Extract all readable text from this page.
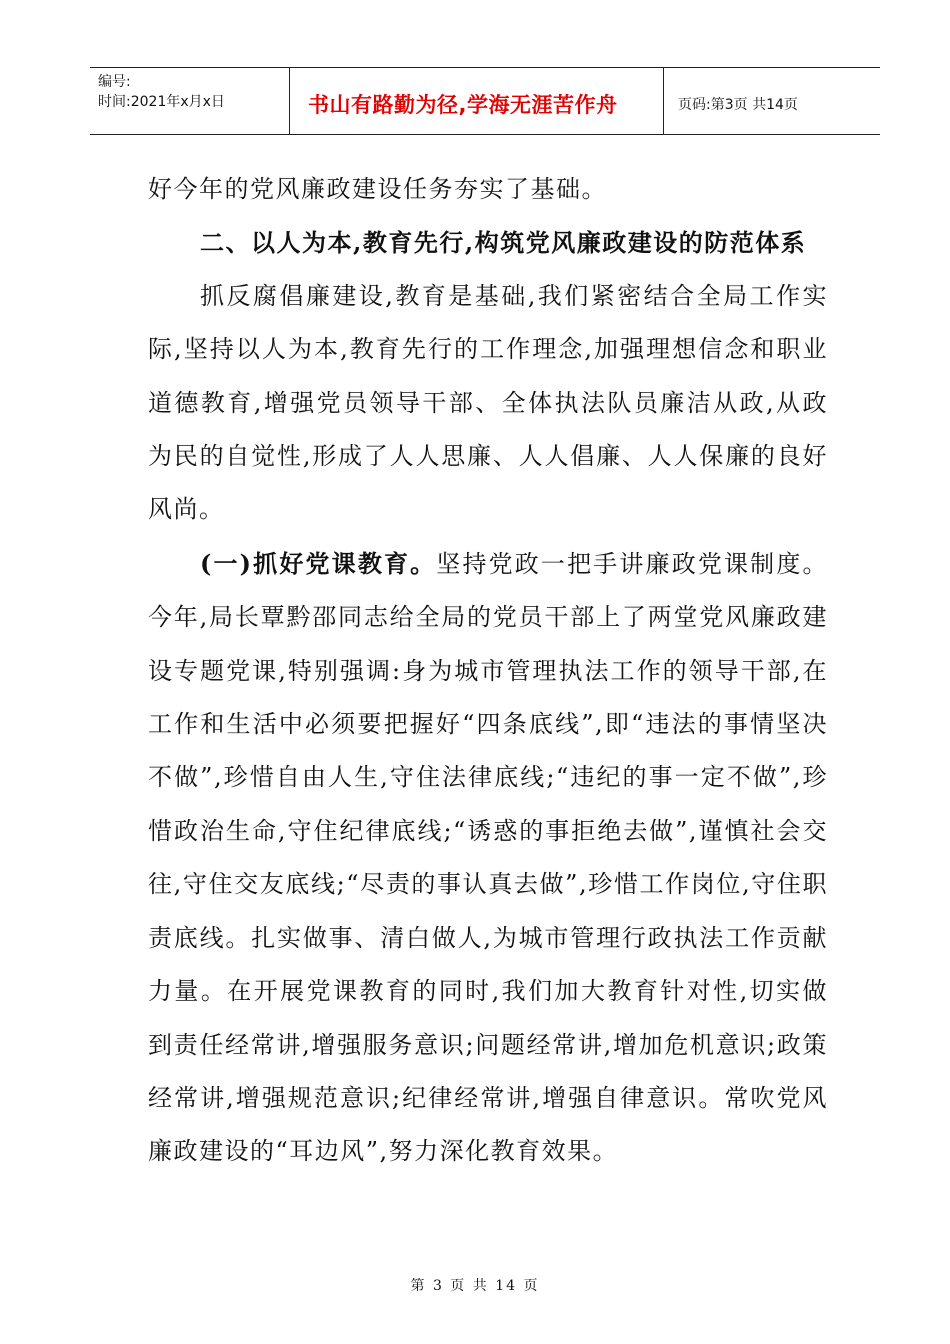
编号:
时间:2021年x月x日	书山有路勤为径,学海无涯苦作舟	页码:第3页 共14页

好今年的党风廉政建设任务夯实了基础。

二、以人为本,教育先行,构筑党风廉政建设的防范体系

抓反腐倡廉建设,教育是基础,我们紧密结合全局工作实际,坚持以人为本,教育先行的工作理念,加强理想信念和职业道德教育,增强党员领导干部、全体执法队员廉洁从政,从政为民的自觉性,形成了人人思廉、人人倡廉、人人保廉的良好风尚。

(一)抓好党课教育。坚持党政一把手讲廉政党课制度。今年,局长覃黔邵同志给全局的党员干部上了两堂党风廉政建设专题党课,特别强调:身为城市管理执法工作的领导干部,在工作和生活中必须要把握好“四条底线”,即“违法的事情坚决不做”,珍惜自由人生,守住法律底线;“违纪的事一定不做”,珍惜政治生命,守住纪律底线;“诱惑的事拒绝去做”,谨慎社会交往,守住交友底线;“尽责的事认真去做”,珍惜工作岗位,守住职责底线。扎实做事、清白做人,为城市管理行政执法工作贡献力量。在开展党课教育的同时,我们加大教育针对性,切实做到责任经常讲,增强服务意识;问题经常讲,增加危机意识;政策经常讲,增强规范意识;纪律经常讲,增强自律意识。常吹党风廉政建设的“耳边风”,努力深化教育效果。

第 3 页 共 14 页
